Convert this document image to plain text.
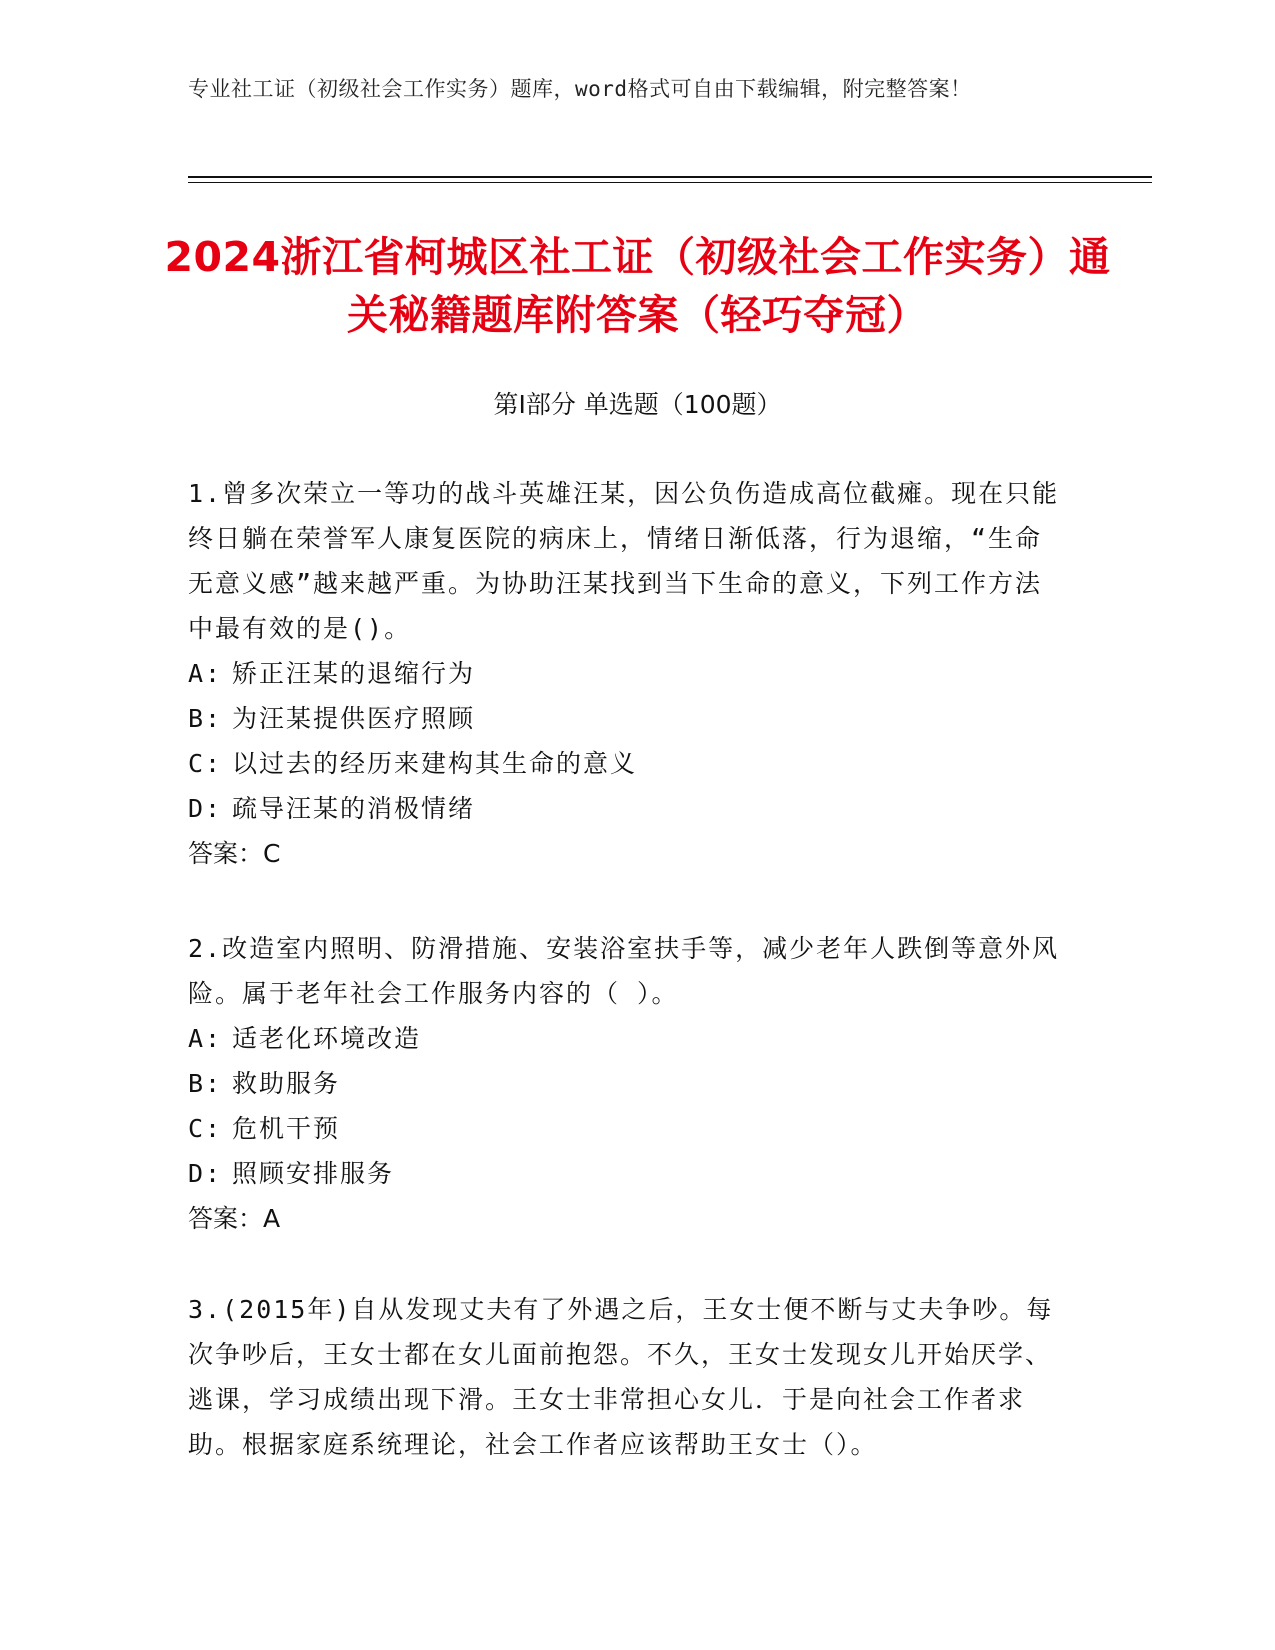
专业社工证（初级社会工作实务）题库，word格式可自由下载编辑，附完整答案！
2024浙江省柯城区社工证（初级社会工作实务）通关秘籍题库附答案（轻巧夺冠）
第Ⅰ部分 单选题（100题）
1.曾多次荣立一等功的战斗英雄汪某，因公负伤造成高位截瘫。现在只能终日躺在荣誉军人康复医院的病床上，情绪日渐低落，行为退缩，“生命无意义感”越来越严重。为协助汪某找到当下生命的意义，下列工作方法中最有效的是()。
A: 矫正汪某的退缩行为
B: 为汪某提供医疗照顾
C: 以过去的经历来建构其生命的意义
D: 疏导汪某的消极情绪
答案：C
2.改造室内照明、防滑措施、安装浴室扶手等，减少老年人跌倒等意外风险。属于老年社会工作服务内容的（ ）。
A: 适老化环境改造
B: 救助服务
C: 危机干预
D: 照顾安排服务
答案：A
3.(2015年)自从发现丈夫有了外遇之后，王女士便不断与丈夫争吵。每次争吵后，王女士都在女儿面前抱怨。不久，王女士发现女儿开始厌学、逃课，学习成绩出现下滑。王女士非常担心女儿．于是向社会工作者求助。根据家庭系统理论，社会工作者应该帮助王女士（）。
